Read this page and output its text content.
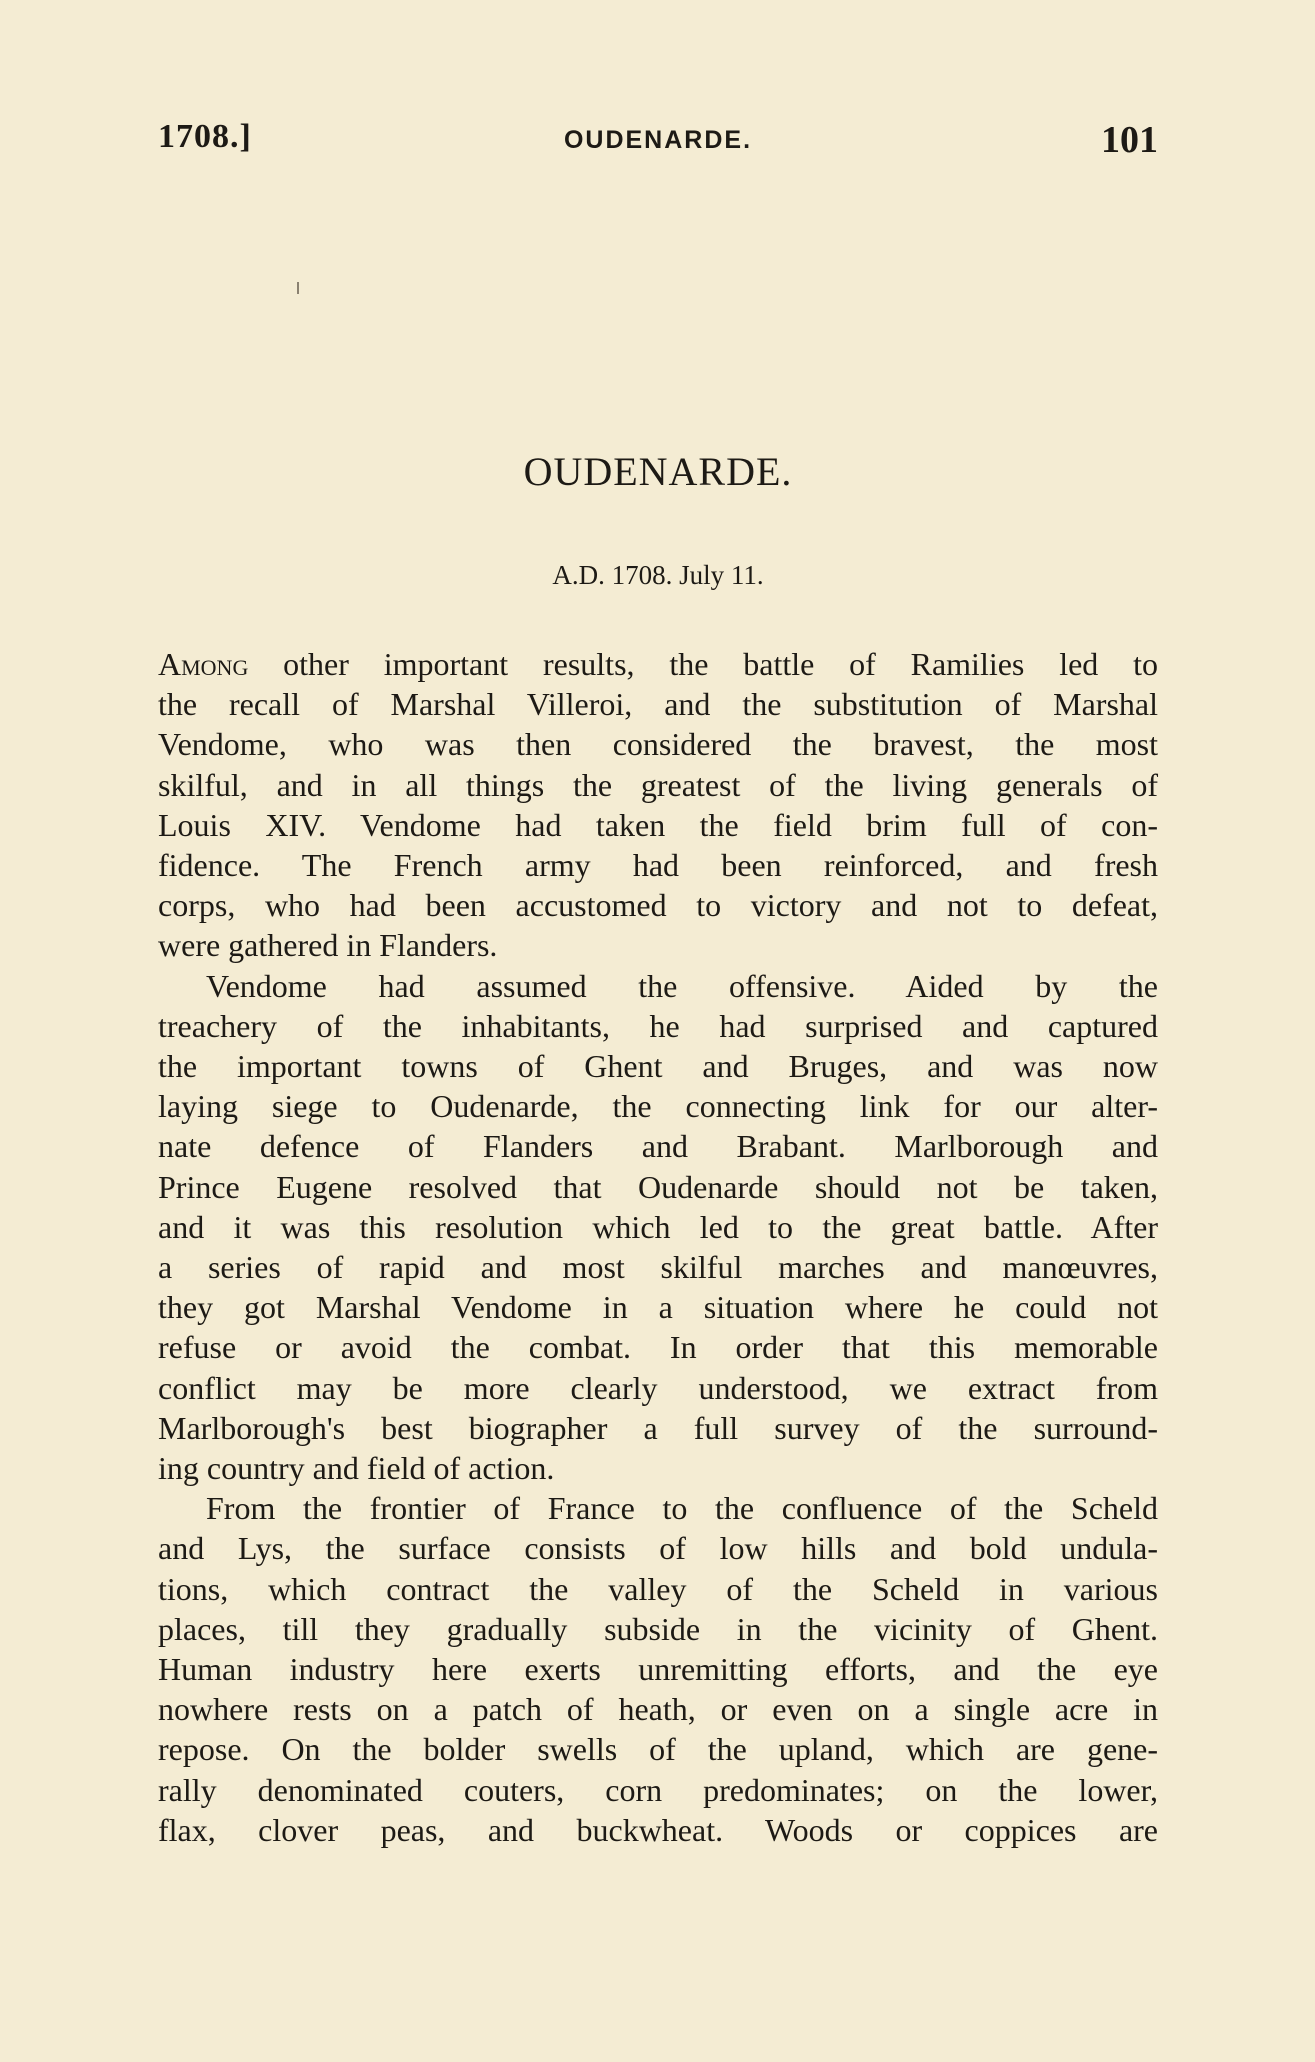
1708.]	OUDENARDE.	101
OUDENARDE.
A.D. 1708. July 11.

Among other important results, the battle of Ramilies led to
the recall of Marshal Villeroi, and the substitution of Marshal
Vendome, who was then considered the bravest, the most
skilful, and in all things the greatest of the living generals of
Louis XIV. Vendome had taken the field brim full of con-
fidence. The French army had been reinforced, and fresh
corps, who had been accustomed to victory and not to defeat,
were gathered in Flanders.

Vendome had assumed the offensive. Aided by the
treachery of the inhabitants, he had surprised and captured
the important towns of Ghent and Bruges, and was now
laying siege to Oudenarde, the connecting link for our alter-
nate defence of Flanders and Brabant. Marlborough and
Prince Eugene resolved that Oudenarde should not be taken,
and it was this resolution which led to the great battle. After
a series of rapid and most skilful marches and manœuvres,
they got Marshal Vendome in a situation where he could not
refuse or avoid the combat. In order that this memorable
conflict may be more clearly understood, we extract from
Marlborough's best biographer a full survey of the surround-
ing country and field of action.

From the frontier of France to the confluence of the Scheld
and Lys, the surface consists of low hills and bold undula-
tions, which contract the valley of the Scheld in various
places, till they gradually subside in the vicinity of Ghent.
Human industry here exerts unremitting efforts, and the eye
nowhere rests on a patch of heath, or even on a single acre in
repose. On the bolder swells of the upland, which are gene-
rally denominated couters, corn predominates; on the lower,
flax, clover peas, and buckwheat. Woods or coppices are
